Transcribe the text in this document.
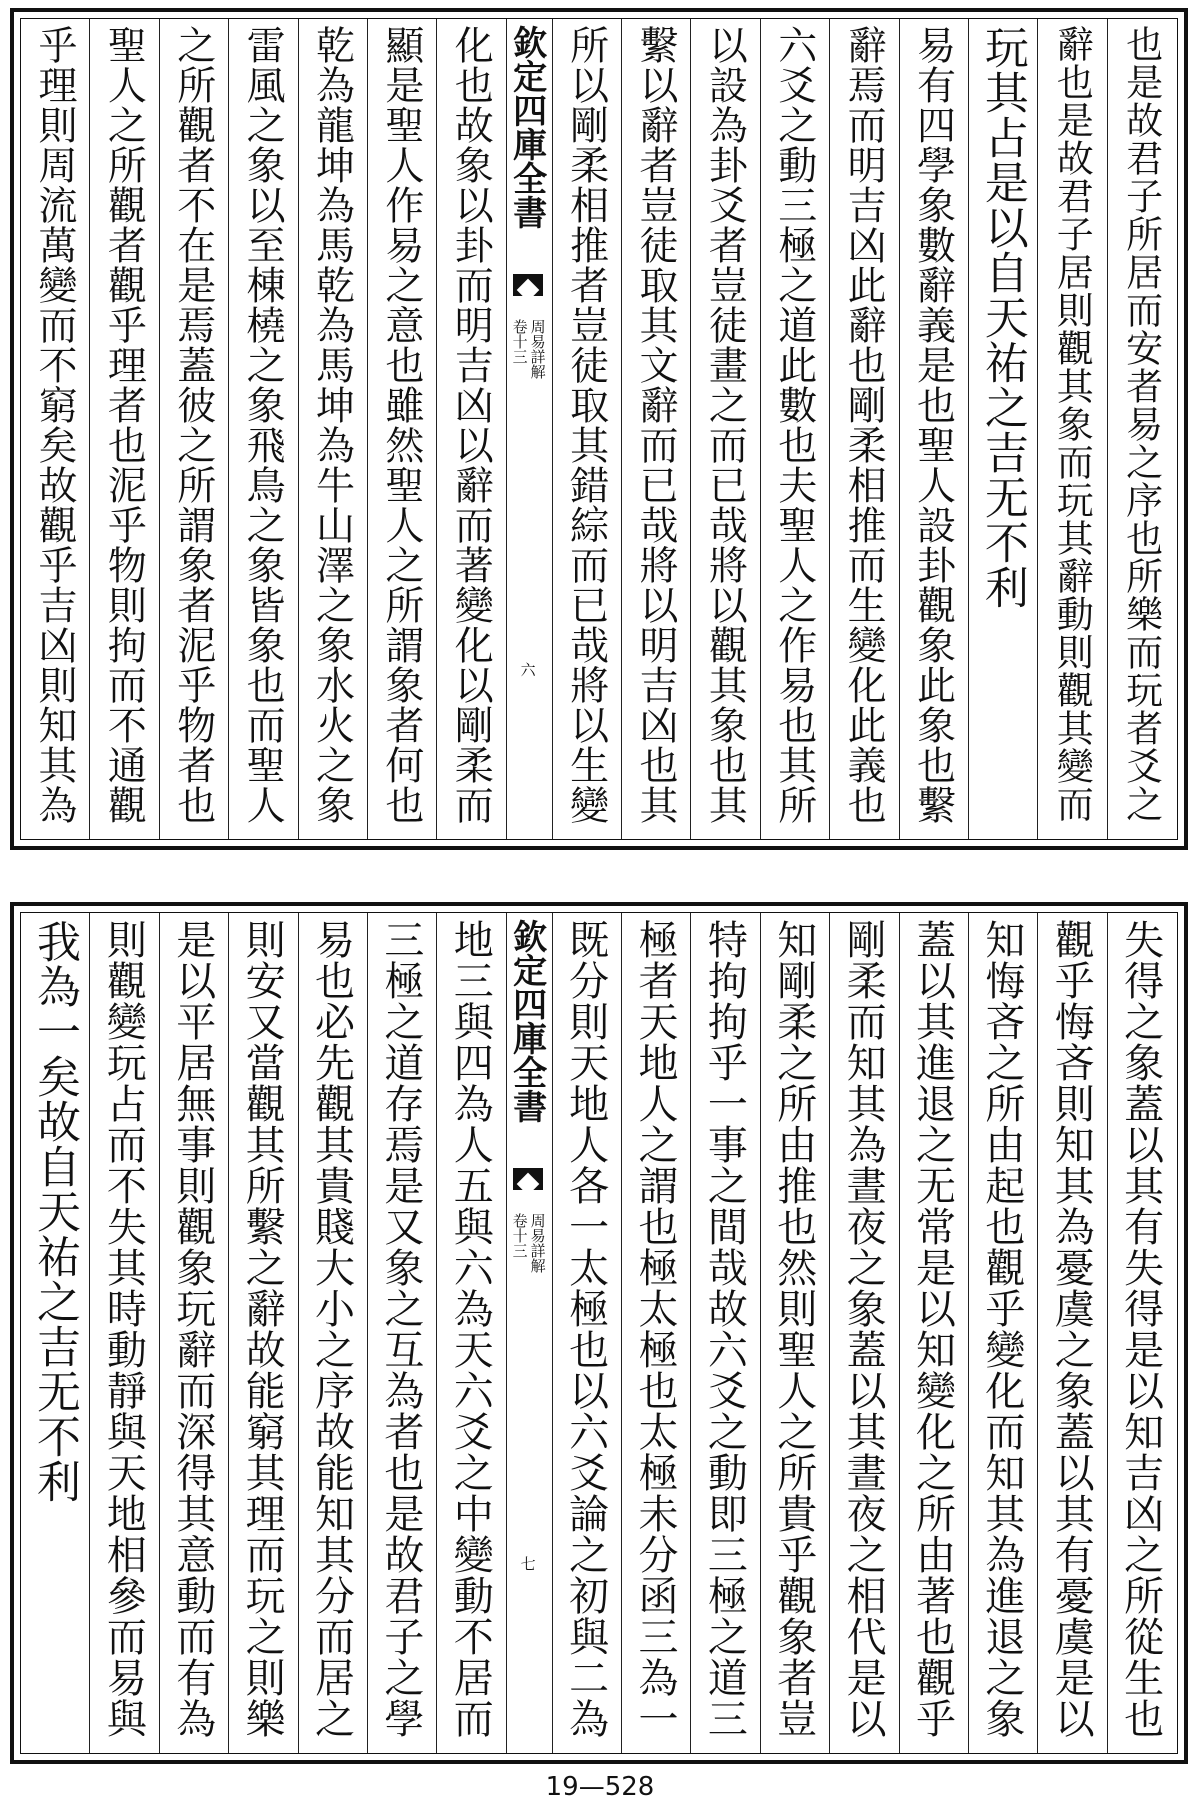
也是故君子所居而安者易之序也所樂而玩者爻之
辭也是故君子居則觀其象而玩其辭動則觀其變而
玩其占是以自天祐之吉无不利
易有四學象數辭義是也聖人設卦觀象此象也繫
辭焉而明吉凶此辭也剛柔相推而生變化此義也
六爻之動三極之道此數也夫聖人之作易也其所
以設為卦爻者豈徒畫之而已哉將以觀其象也其
繫以辭者豈徒取其文辭而已哉將以明吉凶也其
所以剛柔相推者豈徒取其錯綜而已哉將以生變
欽定四庫全書
卷十三 周易詳解
六
化也故象以卦而明吉凶以辭而著變化以剛柔而
顯是聖人作易之意也雖然聖人之所謂象者何也
乾為龍坤為馬乾為馬坤為牛山澤之象水火之象
雷風之象以至棟橈之象飛鳥之象皆象也而聖人
之所觀者不在是焉蓋彼之所謂象者泥乎物者也
聖人之所觀者觀乎理者也泥乎物則拘而不通觀
乎理則周流萬變而不窮矣故觀乎吉凶則知其為
失得之象蓋以其有失得是以知吉凶之所從生也
觀乎悔吝則知其為憂虞之象蓋以其有憂虞是以
知悔吝之所由起也觀乎變化而知其為進退之象
蓋以其進退之无常是以知變化之所由著也觀乎
剛柔而知其為晝夜之象蓋以其晝夜之相代是以
知剛柔之所由推也然則聖人之所貴乎觀象者豈
特拘拘乎一事之間哉故六爻之動即三極之道三
極者天地人之謂也極太極也太極未分函三為一
既分則天地人各一太極也以六爻論之初與二為
欽定四庫全書
卷十三 周易詳解
七
地三與四為人五與六為天六爻之中變動不居而
三極之道存焉是又象之互為者也是故君子之學
易也必先觀其貴賤大小之序故能知其分而居之
則安又當觀其所繫之辭故能窮其理而玩之則樂
是以平居無事則觀象玩辭而深得其意動而有為
則觀變玩占而不失其時動靜與天地相參而易與
我為一矣故自天祐之吉无不利
19—528
